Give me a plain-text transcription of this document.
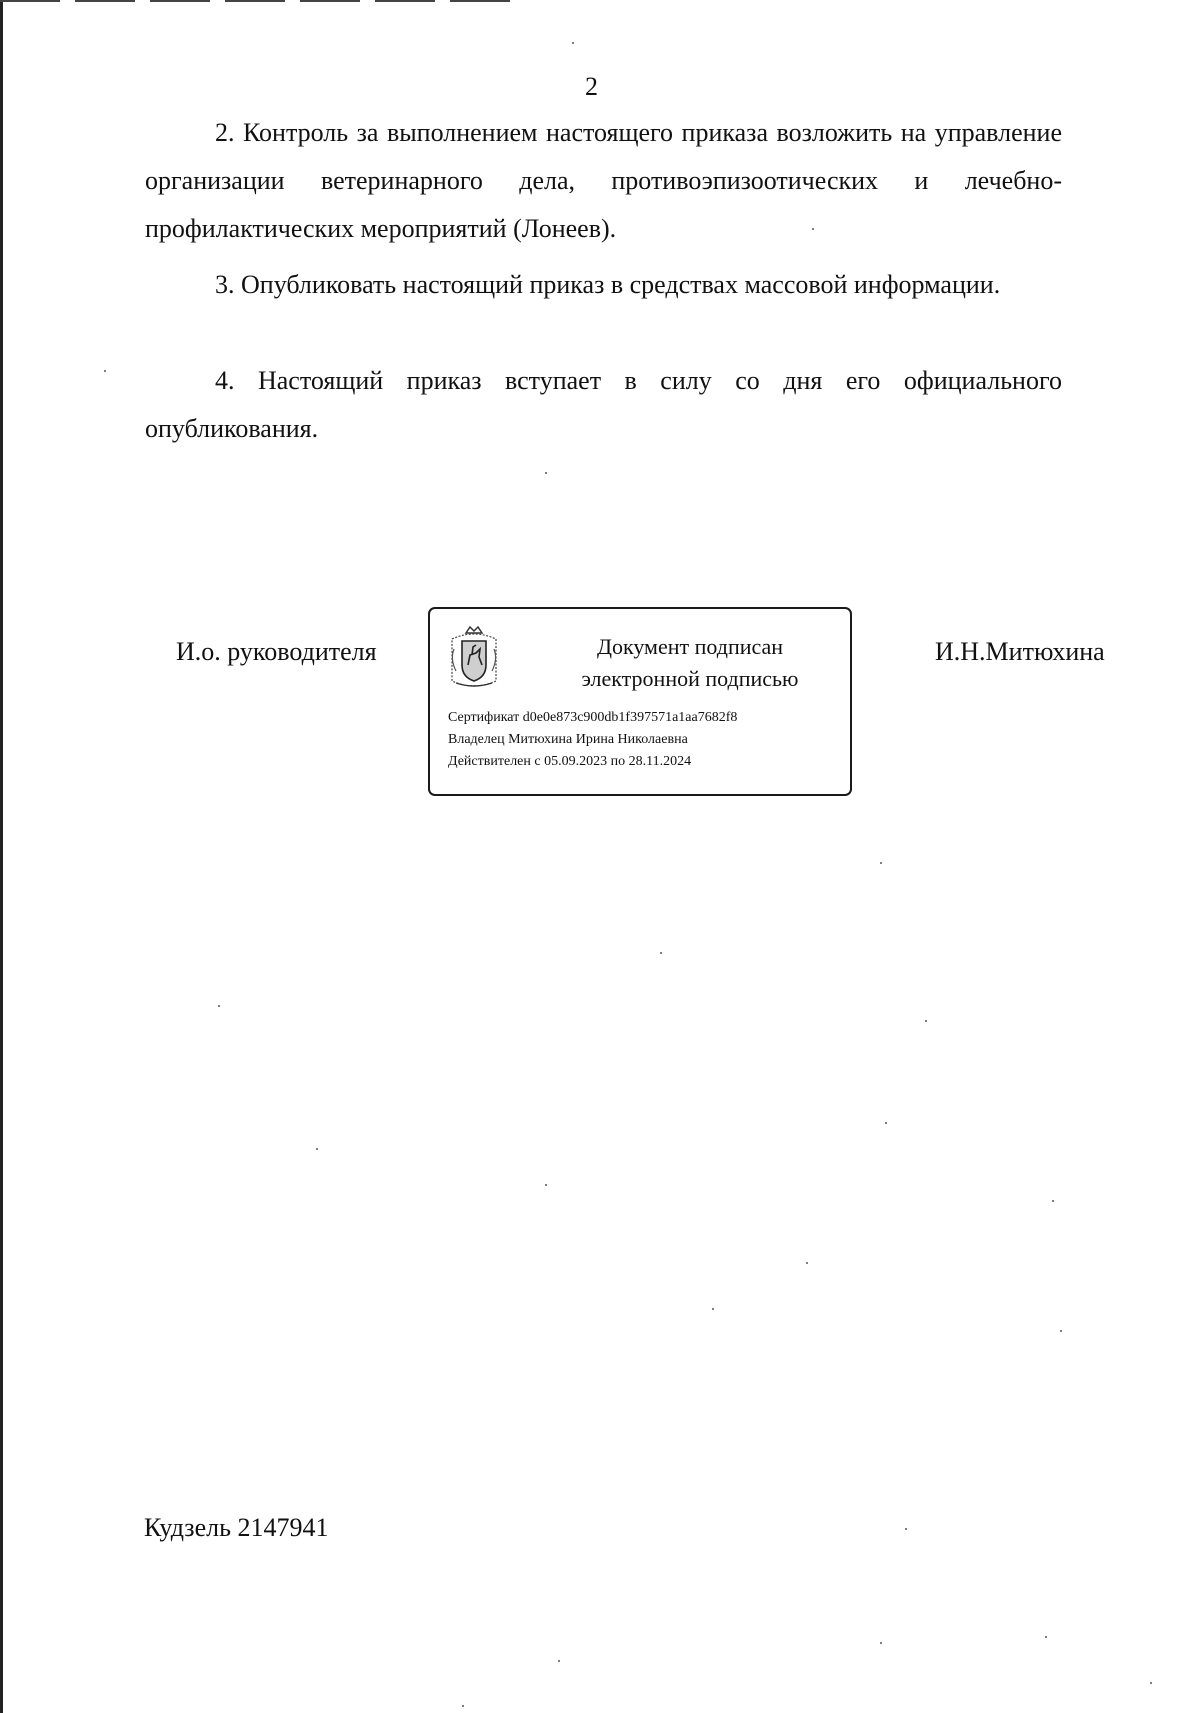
2

2. Контроль за выполнением настоящего приказа возложить на управление организации ветеринарного дела, противоэпизоотических и лечебно-профилактических мероприятий (Лонеев).

3. Опубликовать настоящий приказ в средствах массовой информации.

4. Настоящий приказ вступает в силу со дня его официального опубликования.

И.о. руководителя	Документ подписан
электронной подписью
Сертификат d0e0e873c900db1f397571a1aa7682f8
Владелец Митюхина Ирина Николаевна
Действителен с 05.09.2023 по 28.11.2024
И.Н.Митюхина
Кудзель 2147941
